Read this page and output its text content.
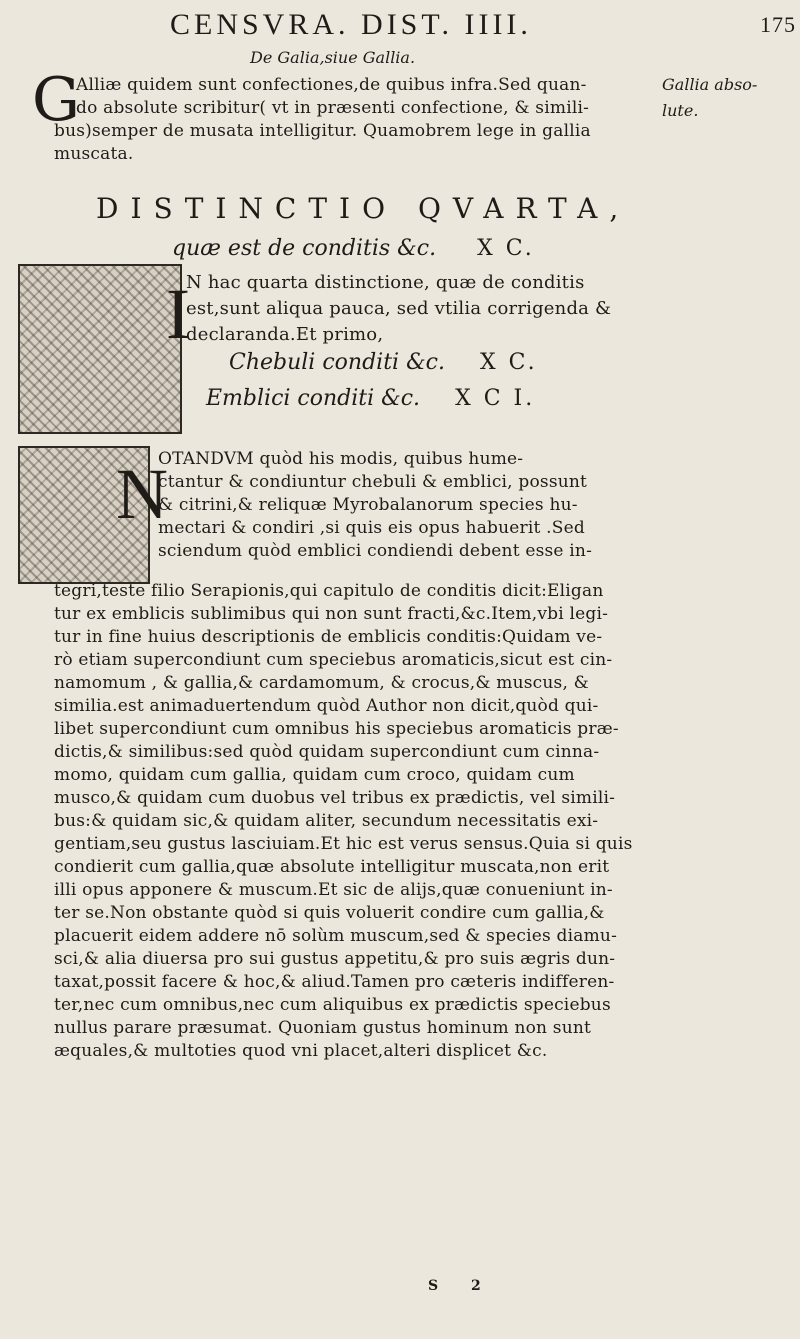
CENSVRA. DIST. IIII.	175
De Galia,siue Gallia.
Gallia abso-
lute.
G
Alliæ quidem sunt confectiones,de quibus infra.Sed quan-
do absolute scribitur( vt in præsenti confectione, & simili-
bus)semper de musata intelligitur. Quamobrem lege in gallia
muscata.
DISTINCTIO QVARTA,
quæ est de conditis &c. X C.
I
N hac quarta distinctione, quæ de conditis
est,sunt aliqua pauca, sed vtilia corrigenda &
declaranda.Et primo,
Chebuli conditi &c. X C.
Emblici conditi &c. X C I.
N
OTANDVM quòd his modis, quibus hume-
ctantur & condiuntur chebuli & emblici, possunt
& citrini,& reliquæ Myrobalanorum species hu-
mectari & condiri ,si quis eis opus habuerit .Sed
sciendum quòd emblici condiendi debent esse in-
tegri,teste filio Serapionis,qui capitulo de conditis dicit:Eligan
tur ex emblicis sublimibus qui non sunt fracti,&c.Item,vbi legi-
tur in fine huius descriptionis de emblicis conditis:Quidam ve-
rò etiam supercondiunt cum speciebus aromaticis,sicut est cin-
namomum , & gallia,& cardamomum, & crocus,& muscus, &
similia.est animaduertendum quòd Author non dicit,quòd qui-
libet supercondiunt cum omnibus his speciebus aromaticis præ-
dictis,& similibus:sed quòd quidam supercondiunt cum cinna-
momo, quidam cum gallia, quidam cum croco, quidam cum
musco,& quidam cum duobus vel tribus ex prædictis, vel simili-
bus:& quidam sic,& quidam aliter, secundum necessitatis exi-
gentiam,seu gustus lasciuiam.Et hic est verus sensus.Quia si quis
condierit cum gallia,quæ absolute intelligitur muscata,non erit
illi opus apponere & muscum.Et sic de alijs,quæ conueniunt in-
ter se.Non obstante quòd si quis voluerit condire cum gallia,&
placuerit eidem addere nō solùm muscum,sed & species diamu-
sci,& alia diuersa pro sui gustus appetitu,& pro suis ægris dun-
taxat,possit facere & hoc,& aliud.Tamen pro cæteris indifferen-
ter,nec cum omnibus,nec cum aliquibus ex prædictis speciebus
nullus parare præsumat. Quoniam gustus hominum non sunt
æquales,& multoties quod vni placet,alteri displicet &c.
S 2
